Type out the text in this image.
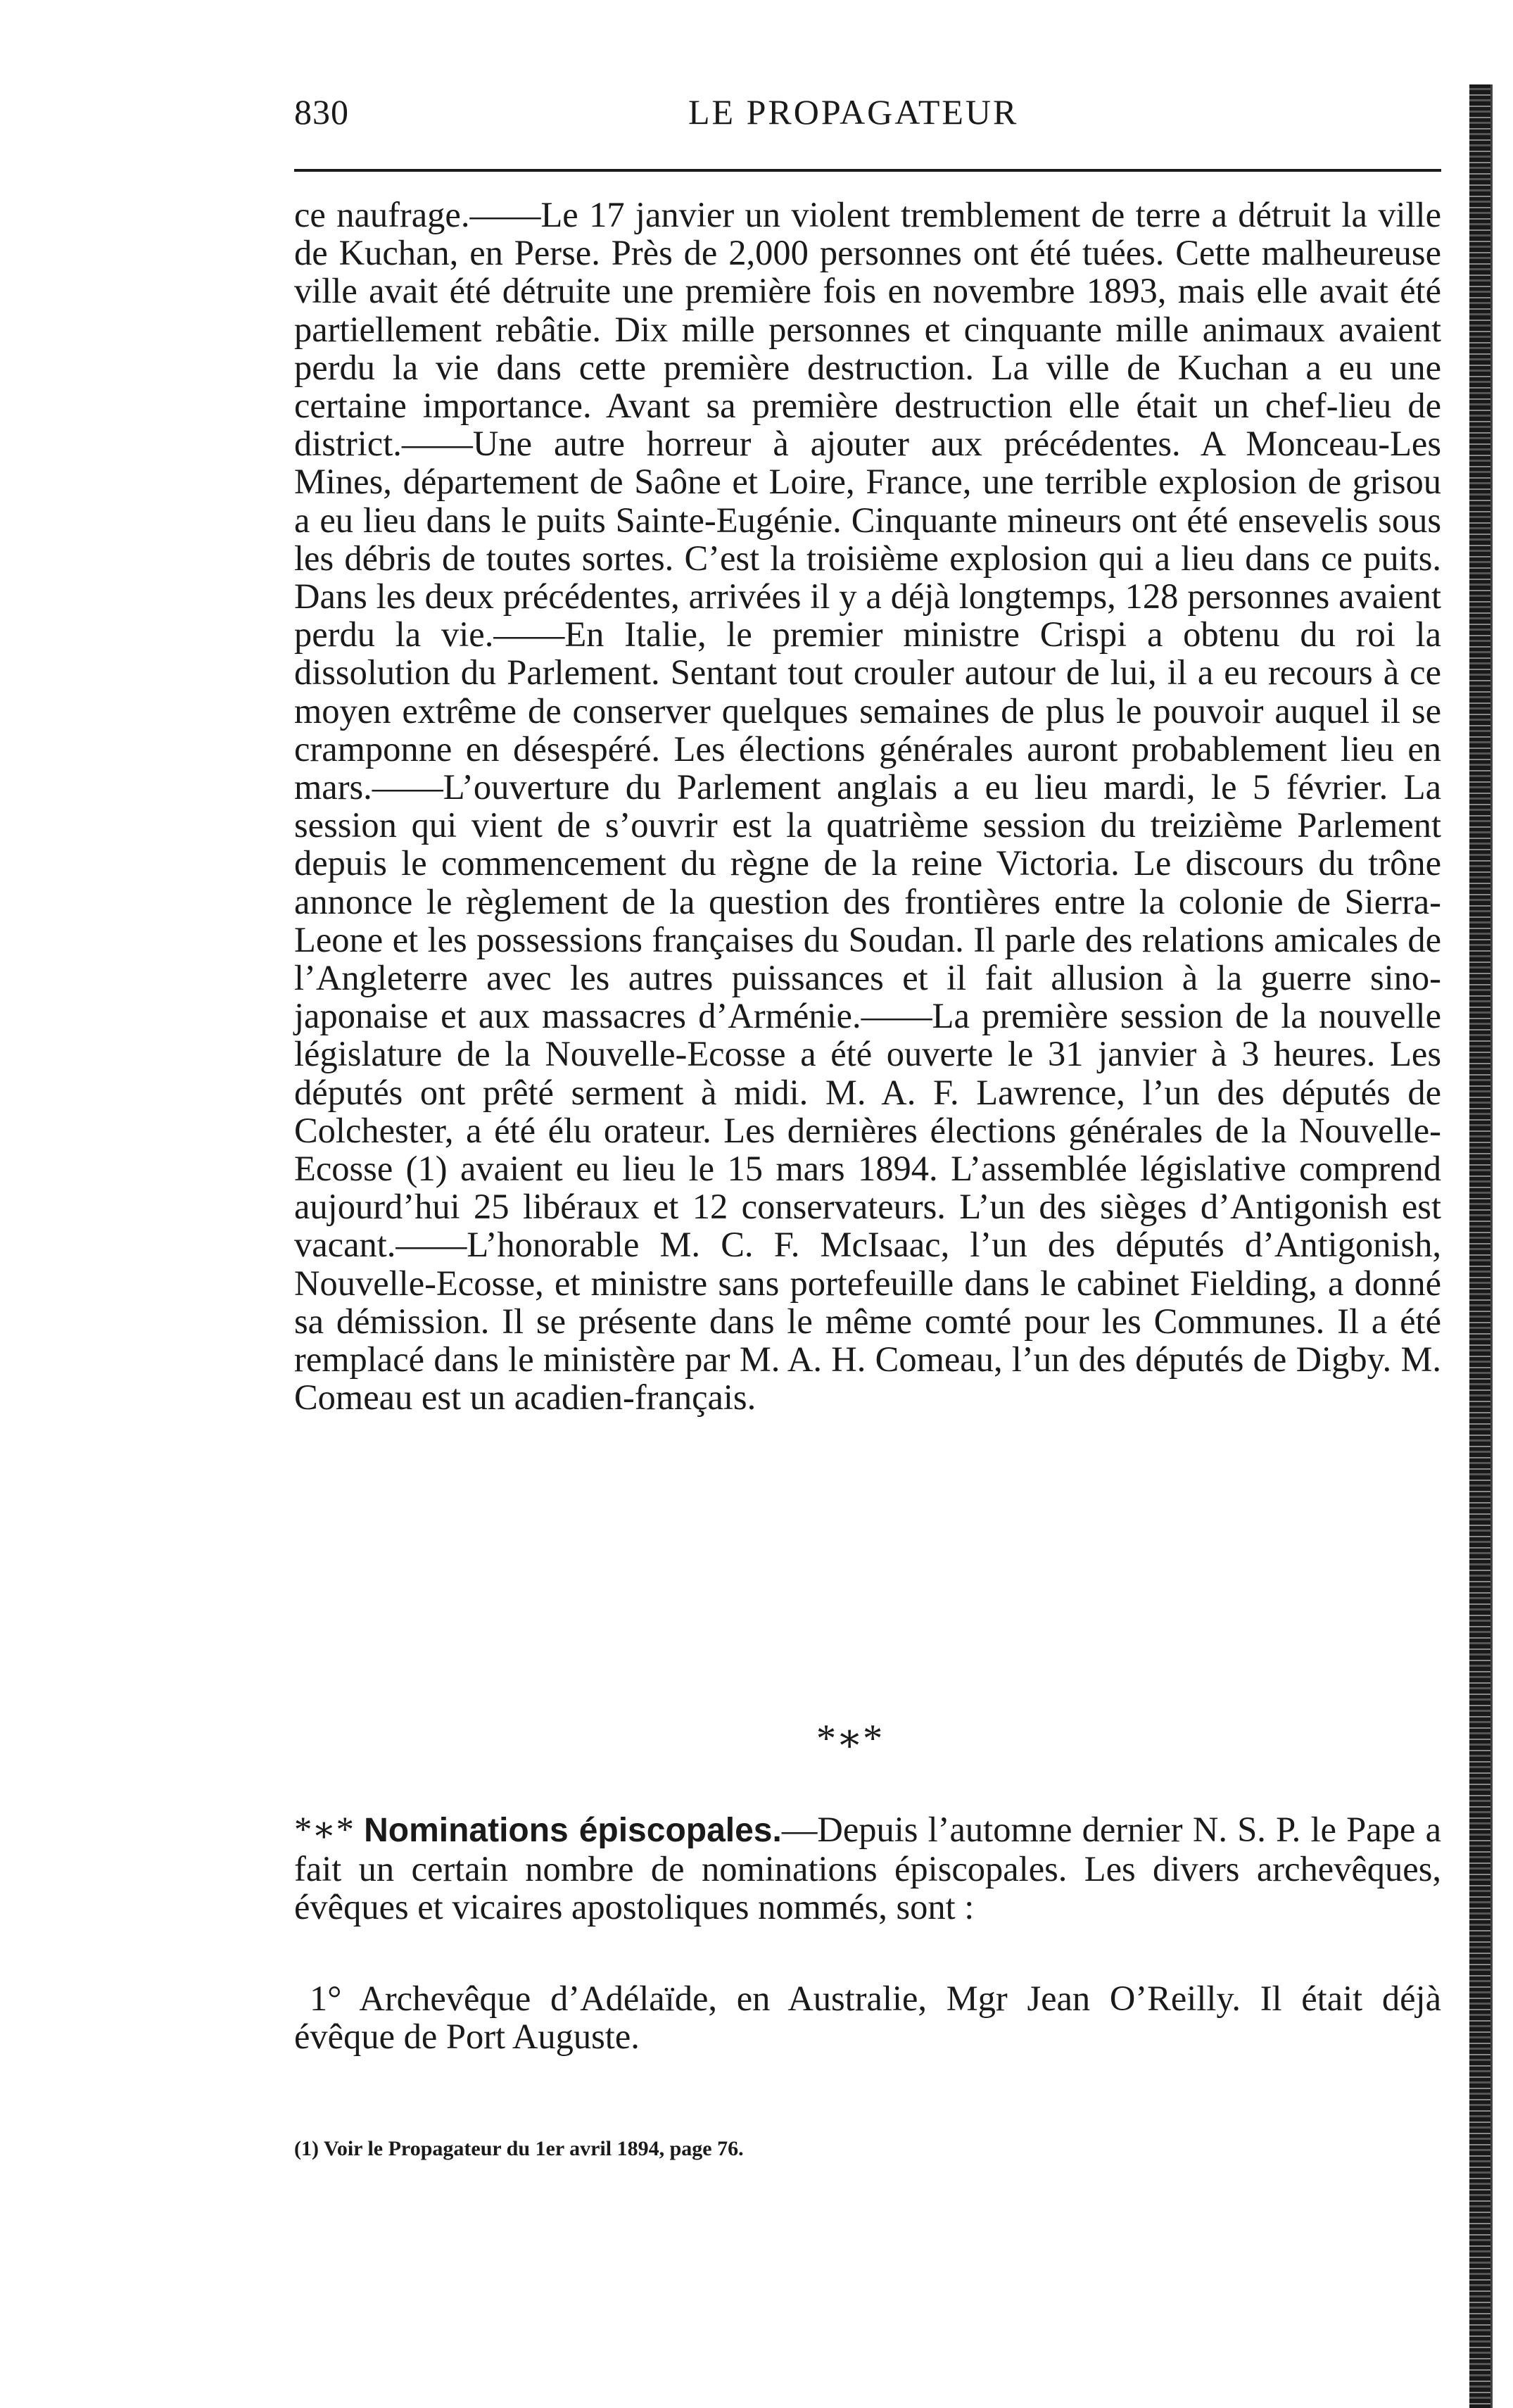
830	LE PROPAGATEUR

ce naufrage.——Le 17 janvier un violent tremblement de terre a détruit la ville de Kuchan, en Perse. Près de 2,000 personnes ont été tuées. Cette malheureuse ville avait été détruite une première fois en novembre 1893, mais elle avait été partiellement rebâtie. Dix mille personnes et cinquante mille animaux avaient perdu la vie dans cette première destruction. La ville de Kuchan a eu une certaine importance. Avant sa première destruction elle était un chef-lieu de district.——Une autre horreur à ajouter aux précédentes. A Monceau-Les Mines, département de Saône et Loire, France, une terrible explosion de grisou a eu lieu dans le puits Sainte-Eugénie. Cinquante mineurs ont été ensevelis sous les débris de toutes sortes. C’est la troisième explosion qui a lieu dans ce puits. Dans les deux précédentes, arrivées il y a déjà longtemps, 128 personnes avaient perdu la vie.——En Italie, le premier ministre Crispi a obtenu du roi la dissolution du Parlement. Sentant tout crouler autour de lui, il a eu recours à ce moyen extrême de conserver quelques semaines de plus le pouvoir auquel il se cramponne en désespéré. Les élections générales auront probablement lieu en mars.——L’ouverture du Parlement anglais a eu lieu mardi, le 5 février. La session qui vient de s’ouvrir est la quatrième session du treizième Parlement depuis le commencement du règne de la reine Victoria. Le discours du trône annonce le règlement de la question des frontières entre la colonie de Sierra-Leone et les possessions françaises du Soudan. Il parle des relations amicales de l’Angleterre avec les autres puissances et il fait allusion à la guerre sino-japonaise et aux massacres d’Arménie.——La première session de la nouvelle législature de la Nouvelle-Ecosse a été ouverte le 31 janvier à 3 heures. Les députés ont prêté serment à midi. M. A. F. Lawrence, l’un des députés de Colchester, a été élu orateur. Les dernières élections générales de la Nouvelle-Ecosse (1) avaient eu lieu le 15 mars 1894. L’assemblée législative comprend aujourd’hui 25 libéraux et 12 conservateurs. L’un des sièges d’Antigonish est vacant.——L’honorable M. C. F. McIsaac, l’un des députés d’Antigonish, Nouvelle-Ecosse, et ministre sans portefeuille dans le cabinet Fielding, a donné sa démission. Il se présente dans le même comté pour les Communes. Il a été remplacé dans le ministère par M. A. H. Comeau, l’un des députés de Digby. M. Comeau est un acadien-français.

*∗*

*∗* Nominations épiscopales.—Depuis l’automne dernier N. S. P. le Pape a fait un certain nombre de nominations épiscopales. Les divers archevêques, évêques et vicaires apostoliques nommés, sont :

1° Archevêque d’Adélaïde, en Australie, Mgr Jean O’Reilly. Il était déjà évêque de Port Auguste.
(1) Voir le Propagateur du 1er avril 1894, page 76.
